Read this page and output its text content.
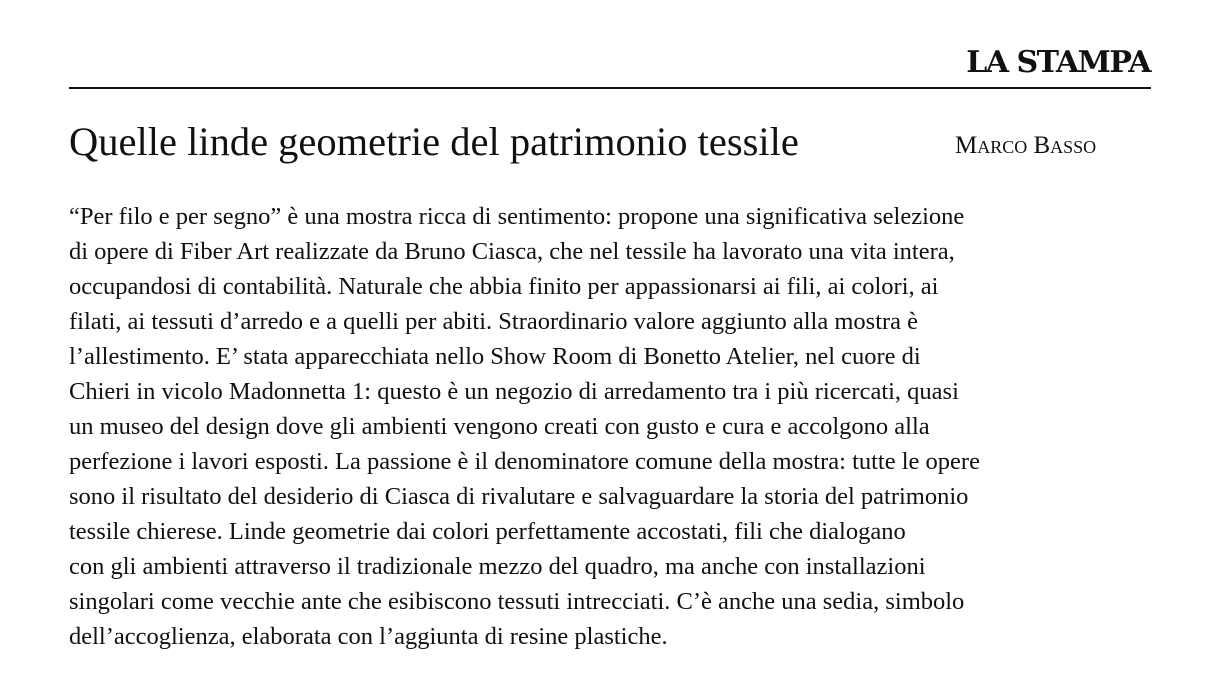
LA STAMPA
Quelle linde geometrie del patrimonio tessile	Marco Basso
“Per filo e per segno” è una mostra ricca di sentimento: propone una significativa selezione
di opere di Fiber Art realizzate da Bruno Ciasca, che nel tessile ha lavorato una vita intera,
occupandosi di contabilità. Naturale che abbia finito per appassionarsi ai fili, ai colori, ai
filati, ai tessuti d’arredo e a quelli per abiti. Straordinario valore aggiunto alla mostra è
l’allestimento. E’ stata apparecchiata nello Show Room di Bonetto Atelier, nel cuore di
Chieri in vicolo Madonnetta 1: questo è un negozio di arredamento tra i più ricercati, quasi
un museo del design dove gli ambienti vengono creati con gusto e cura e accolgono alla
perfezione i lavori esposti. La passione è il denominatore comune della mostra: tutte le opere
sono il risultato del desiderio di Ciasca di rivalutare e salvaguardare la storia del patrimonio
tessile chierese. Linde geometrie dai colori perfettamente accostati, fili che dialogano
con gli ambienti attraverso il tradizionale mezzo del quadro, ma anche con installazioni
singolari come vecchie ante che esibiscono tessuti intrecciati. C’è anche una sedia, simbolo
dell’accoglienza, elaborata con l’aggiunta di resine plastiche.
